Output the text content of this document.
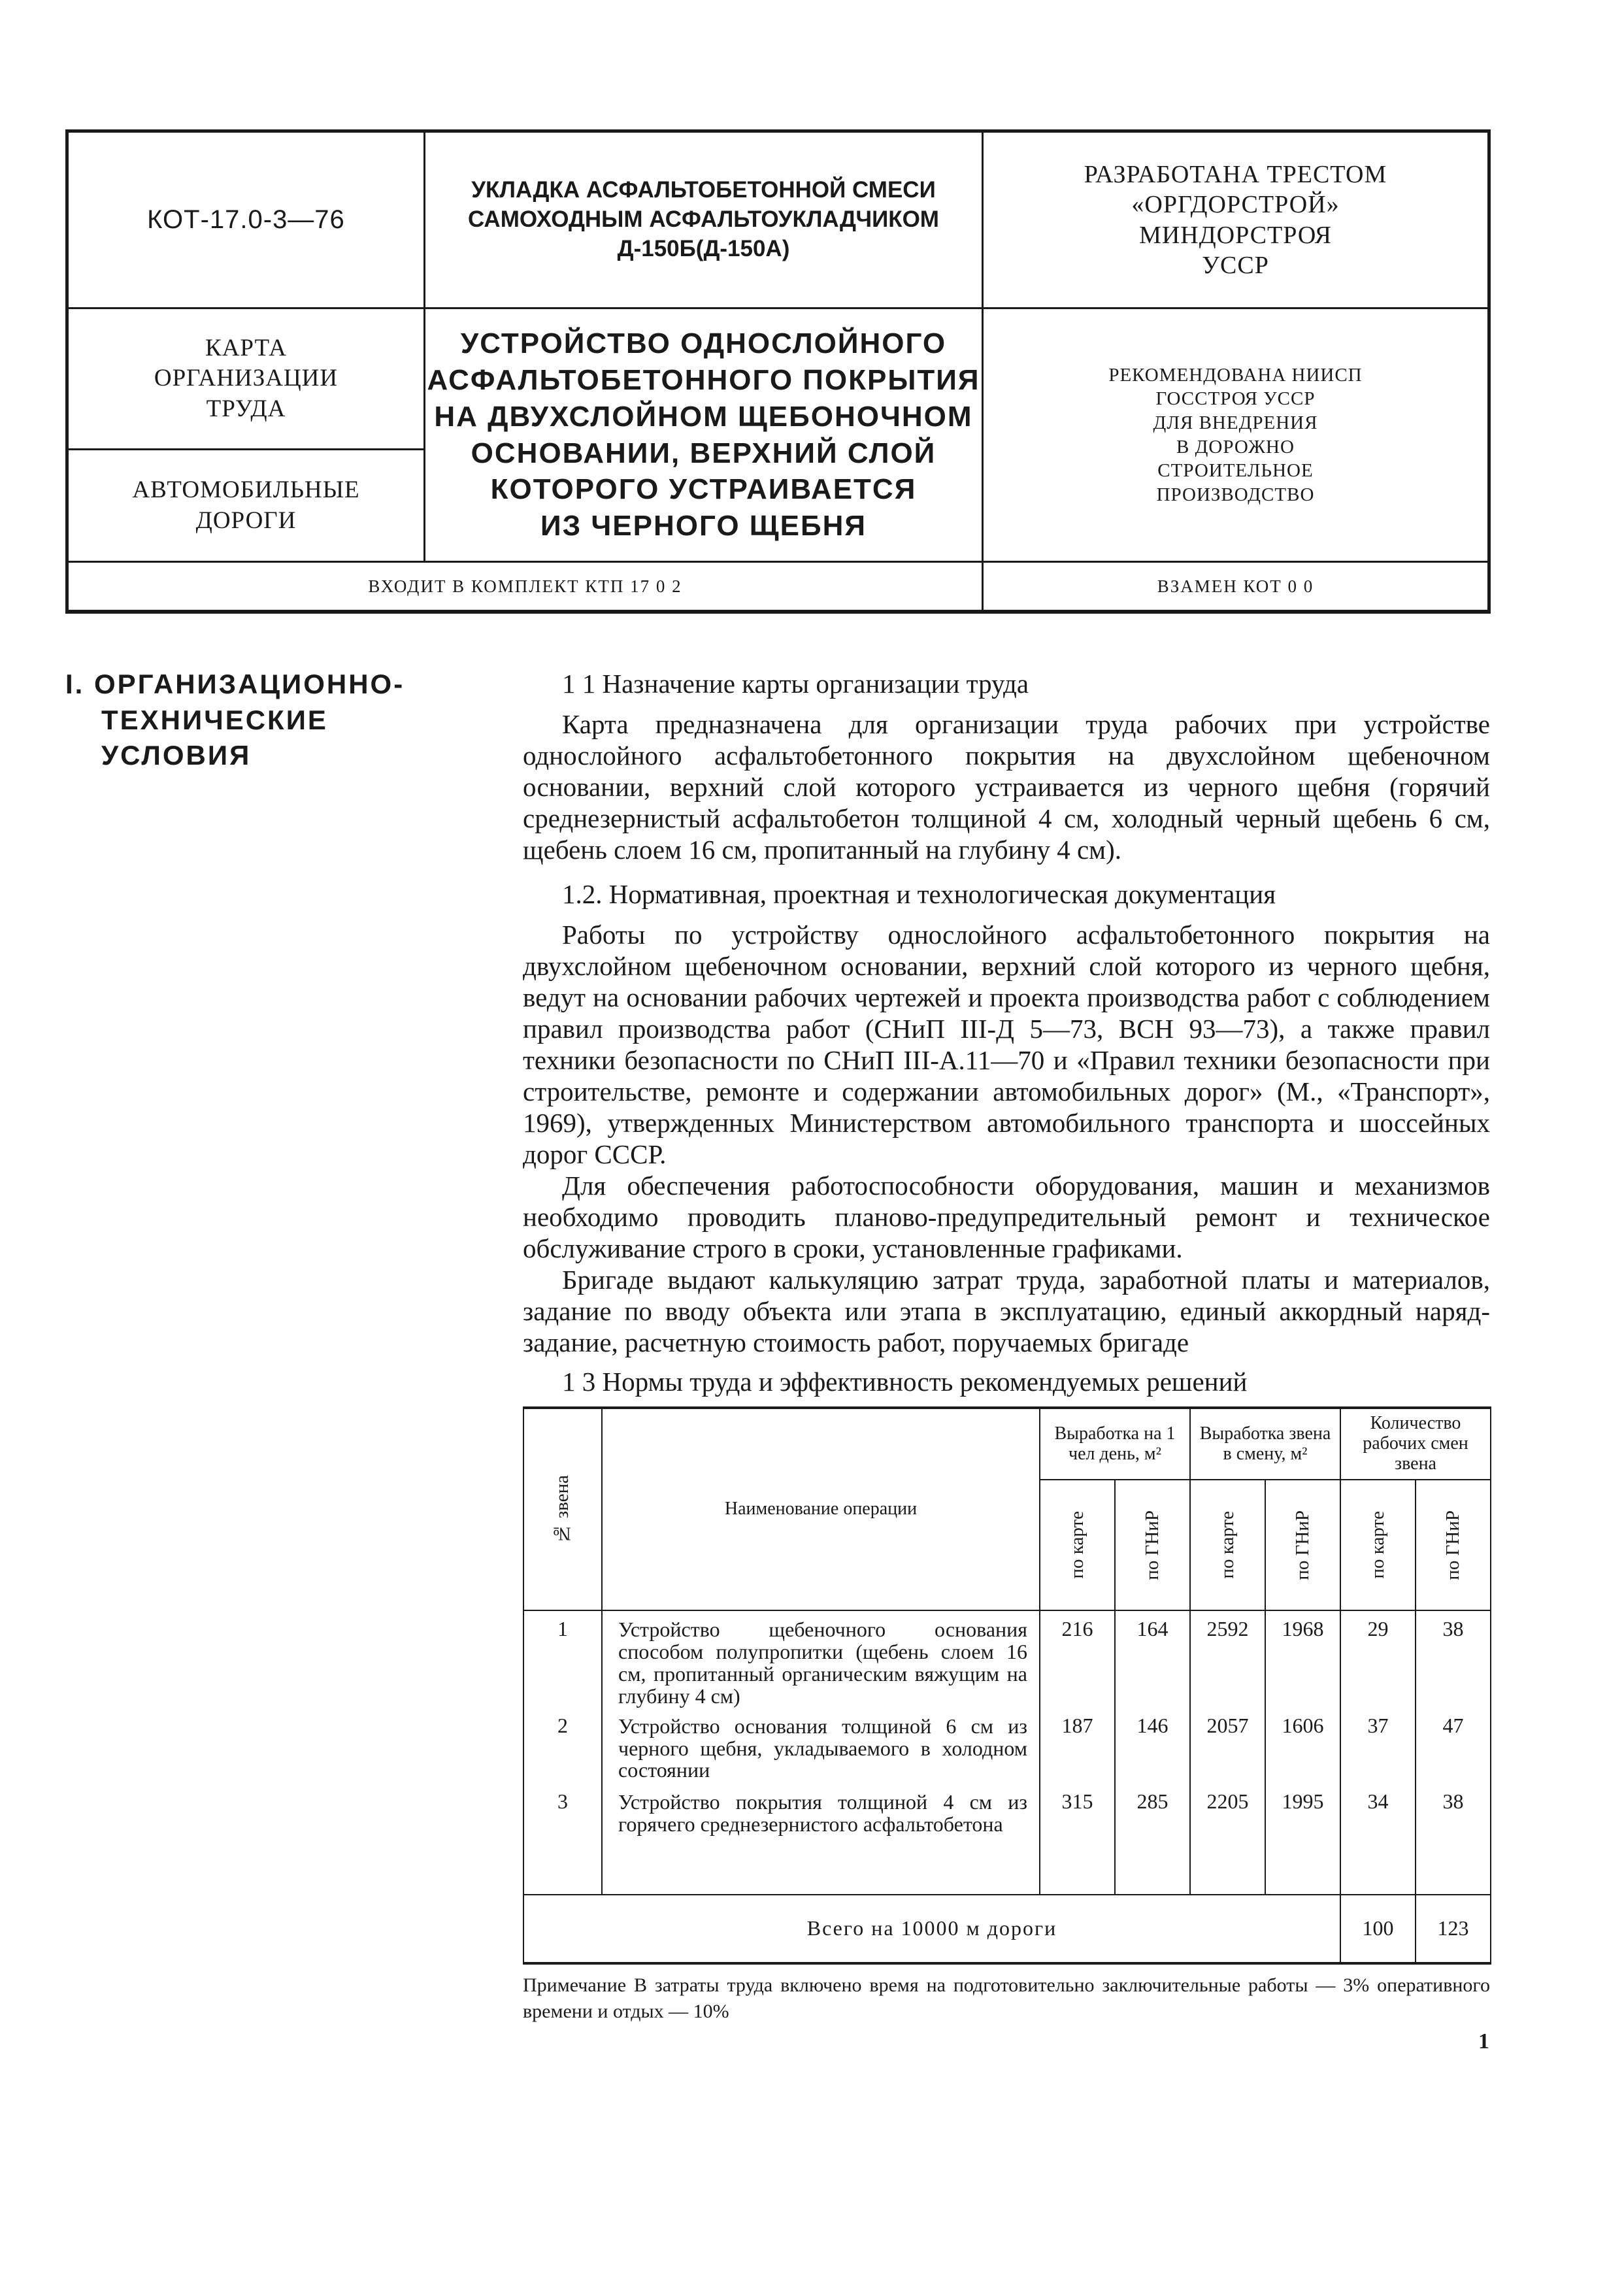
КОТ-17.0-3—76
УКЛАДКА АСФАЛЬТОБЕТОННОЙ СМЕСИ
САМОХОДНЫМ АСФАЛЬТОУКЛАДЧИКОМ
Д-150Б(Д-150А)
РАЗРАБОТАНА ТРЕСТОМ
«ОРГДОРСТРОЙ»
МИНДОРСТРОЯ
УССР
КАРТА
ОРГАНИЗАЦИИ
ТРУДА
АВТОМОБИЛЬНЫЕ
ДОРОГИ
УСТРОЙСТВО ОДНОСЛОЙНОГО
АСФАЛЬТОБЕТОННОГО ПОКРЫТИЯ
НА ДВУХСЛОЙНОМ ЩЕБОНОЧНОМ
ОСНОВАНИИ, ВЕРХНИЙ СЛОЙ
КОТОРОГО УСТРАИВАЕТСЯ
ИЗ ЧЕРНОГО ЩЕБНЯ
РЕКОМЕНДОВАНА НИИСП
ГОССТРОЯ УССР
ДЛЯ ВНЕДРЕНИЯ
В ДОРОЖНО
СТРОИТЕЛЬНОЕ
ПРОИЗВОДСТВО
ВХОДИТ В КОМПЛЕКТ КТП 17 0 2	ВЗАМЕН КОТ 0 0
I. ОРГАНИЗАЦИОННО-
ТЕХНИЧЕСКИЕ
УСЛОВИЯ
1 1 Назначение карты организации труда

Карта предназначена для организации труда рабочих при устройстве однослойного асфальтобетонного покрытия на двухслойном щебеночном основании, верхний слой которого устраивается из черного щебня (горячий среднезернистый асфальтобетон толщиной 4 см, холодный черный щебень 6 см, щебень слоем 16 см, пропитанный на глубину 4 см).

1.2. Нормативная, проектная и технологическая документация

Работы по устройству однослойного асфальтобетонного покрытия на двухслойном щебеночном основании, верхний слой которого из черного щебня, ведут на основании рабочих чертежей и проекта производства работ с соблюдением правил производства работ (СНиП III-Д 5—73, ВСН 93—73), а также правил техники безопасности по СНиП III-А.11—70 и «Правил техники безопасности при строительстве, ремонте и содержании автомобильных дорог» (М., «Транспорт», 1969), утвержденных Министерством автомобильного транспорта и шоссейных дорог СССР.

Для обеспечения работоспособности оборудования, машин и механизмов необходимо проводить планово-предупредительный ремонт и техническое обслуживание строго в сроки, установленные графиками.

Бригаде выдают калькуляцию затрат труда, заработной платы и материалов, задание по вводу объекта или этапа в эксплуатацию, единый аккордный наряд-задание, расчетную стоимость работ, поручаемых бригаде

1 3 Нормы труда и эффективность рекомендуемых решений
№ звена	Наименование операции	Выработка на 1 чел день, м²		Выработка звена в смену, м²		Количество рабочих смен звена	

		по карте	по ГНиР	по карте	по ГНиР	по карте	по ГНиР

1	Устройство щебеночного основания способом полупропитки (щебень слоем 16 см, пропитанный органическим вяжущим на глубину 4 см)	216	164	2592	1968	29	38
2	Устройство основания толщиной 6 см из черного щебня, укладываемого в холодном состоянии	187	146	2057	1606	37	47
3	Устройство покрытия толщиной 4 см из горячего среднезернистого асфальтобетона	315	285	2205	1995	34	38
Всего на 10000 м дороги						100	123
Примечание В затраты труда включено время на подготовительно заключительные работы — 3% оперативного времени и отдых — 10%
1
